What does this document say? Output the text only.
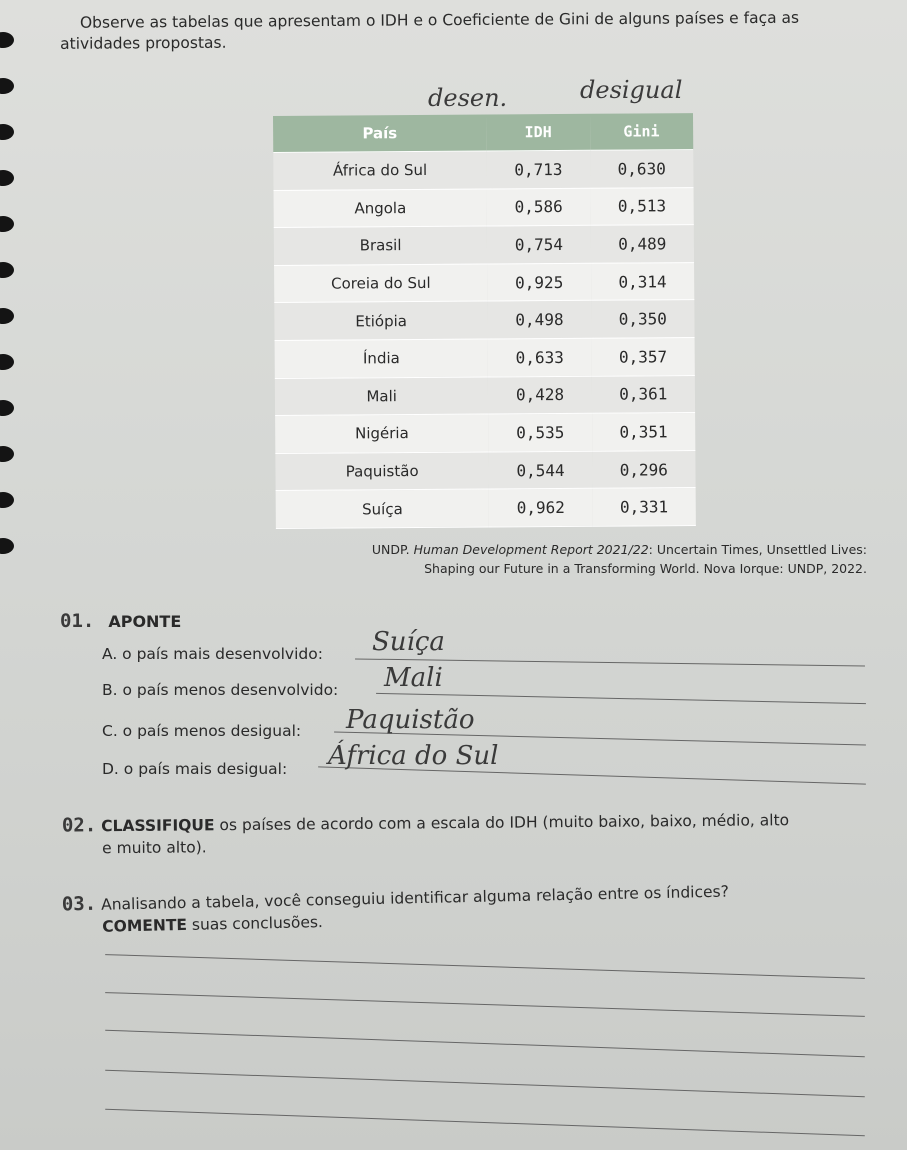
Observe as tabelas que apresentam o IDH e o Coeficiente de Gini de alguns países e faça as atividades propostas.
desen.	desigual
País	IDH	Gini
África do Sul	0,713	0,630
Angola	0,586	0,513
Brasil	0,754	0,489
Coreia do Sul	0,925	0,314
Etiópia	0,498	0,350
Índia	0,633	0,357
Mali	0,428	0,361
Nigéria	0,535	0,351
Paquistão	0,544	0,296
Suíça	0,962	0,331
UNDP. Human Development Report 2021/22: Uncertain Times, Unsettled Lives:
Shaping our Future in a Transforming World. Nova Iorque: UNDP, 2022.
01. APONTE
A. o país mais desenvolvido: Suíça
B. o país menos desenvolvido: Mali
C. o país menos desigual: Paquistão
D. o país mais desigual: África do Sul
02. CLASSIFIQUE os países de acordo com a escala do IDH (muito baixo, baixo, médio, alto
e muito alto).
03. Analisando a tabela, você conseguiu identificar alguma relação entre os índices?
COMENTE suas conclusões.
